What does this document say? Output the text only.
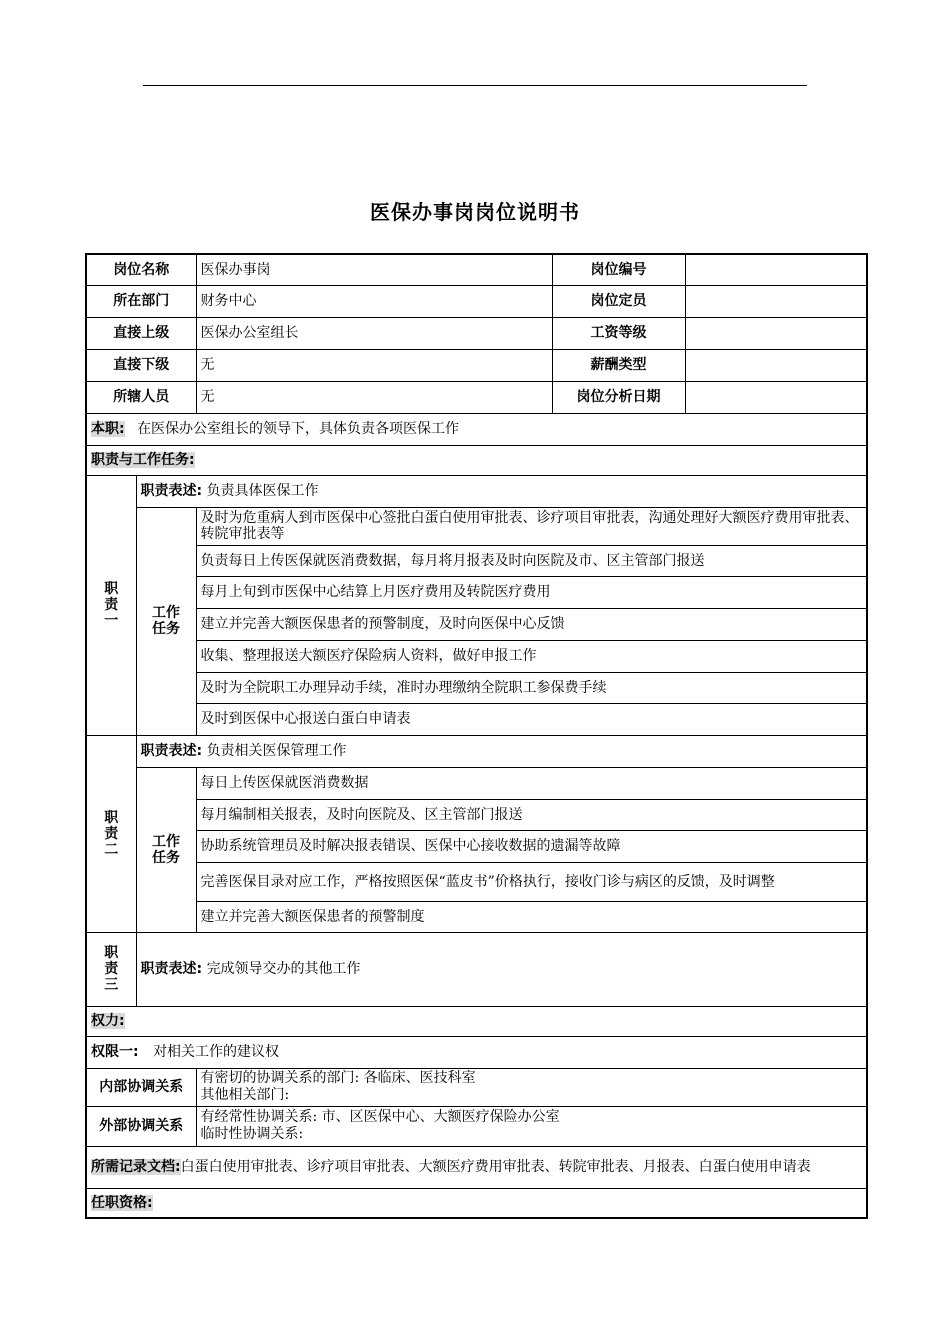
医保办事岗岗位说明书
岗位名称		医保办事岗	岗位编号	
所在部门		财务中心	岗位定员	
直接上级		医保办公室组长	工资等级	
直接下级		无	薪酬类型	
所辖人员		无	岗位分析日期	
本职: 在医保办公室组长的领导下，具体负责各项医保工作				
职责与工作任务:				

职
责
一	职责表述: 负责具体医保工作			

	工作
任务	及时为危重病人到市医保中心签批白蛋白使用审批表、诊疗项目审批表，沟通处理好大额医疗费用审批表、转院审批表等		
		负责每日上传医保就医消费数据，每月将月报表及时向医院及市、区主管部门报送		
		每月上旬到市医保中心结算上月医疗费用及转院医疗费用		
		建立并完善大额医保患者的预警制度，及时向医保中心反馈		
		收集、整理报送大额医疗保险病人资料，做好申报工作		
		及时为全院职工办理异动手续，准时办理缴纳全院职工参保费手续		
		及时到医保中心报送白蛋白申请表		

职
责
二	职责表述: 负责相关医保管理工作			

	工作
任务	每日上传医保就医消费数据		
		每月编制相关报表，及时向医院及、区主管部门报送		
		协助系统管理员及时解决报表错误、医保中心接收数据的遗漏等故障		
		完善医保目录对应工作，严格按照医保“蓝皮书”价格执行，接收门诊与病区的反馈，及时调整		
		建立并完善大额医保患者的预警制度		

职
责
三	职责表述: 完成领导交办的其他工作			
权力:				
权限一: 对相关工作的建议权				
内部协调关系		有密切的协调关系的部门: 各临床、医技科室
其他相关部门:		

外部协调关系		有经常性协调关系: 市、区医保中心、大额医疗保险办公室
临时性协调关系:		

所需记录文档:白蛋白使用审批表、诊疗项目审批表、大额医疗费用审批表、转院审批表、月报表、白蛋白使用申请表				
任职资格:				
